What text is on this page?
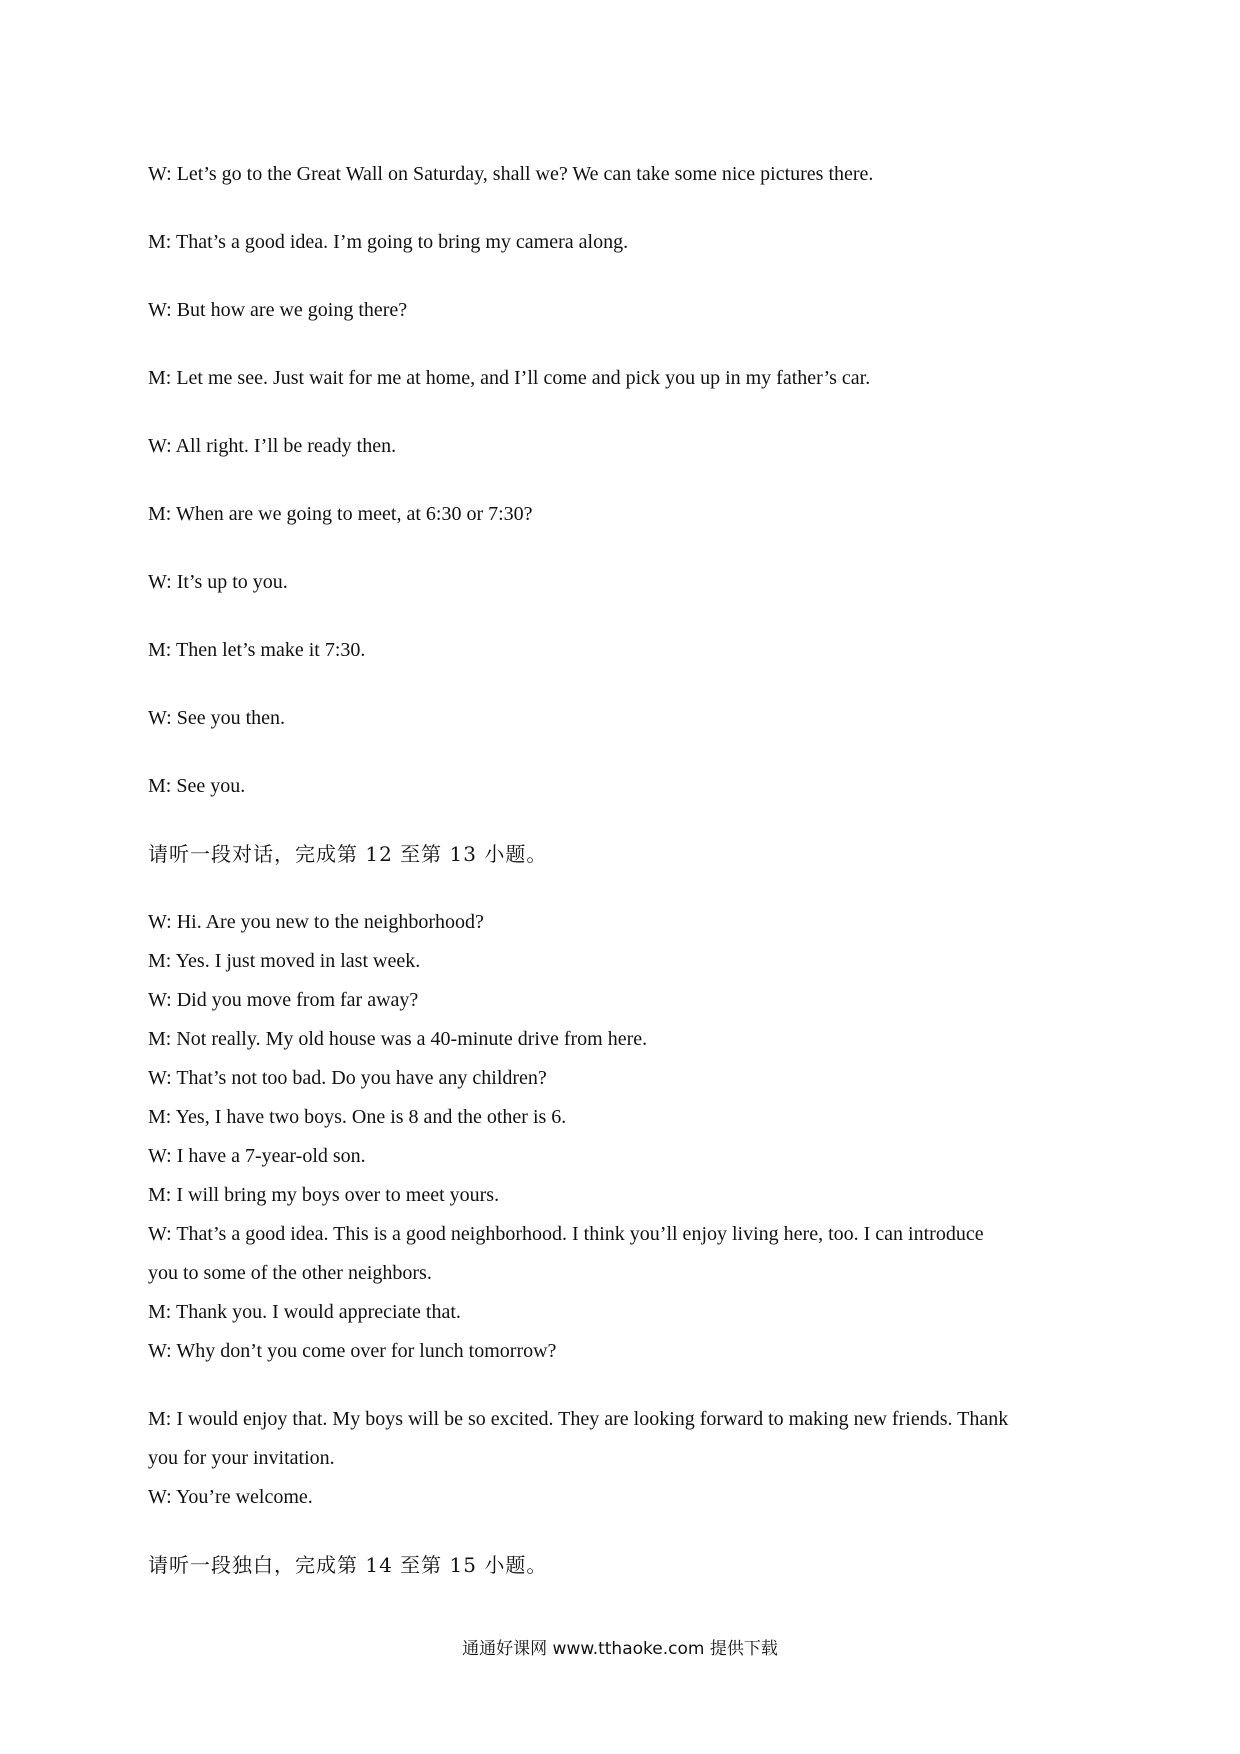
W: Let’s go to the Great Wall on Saturday, shall we? We can take some nice pictures there.
M: That’s a good idea. I’m going to bring my camera along.
W: But how are we going there?
M: Let me see. Just wait for me at home, and I’ll come and pick you up in my father’s car.
W: All right. I’ll be ready then.
M: When are we going to meet, at 6:30 or 7:30?
W: It’s up to you.
M: Then let’s make it 7:30.
W: See you then.
M: See you.
请听一段对话，完成第 12 至第 13 小题。
W: Hi. Are you new to the neighborhood?
M: Yes. I just moved in last week.
W: Did you move from far away?
M: Not really. My old house was a 40-minute drive from here.
W: That’s not too bad. Do you have any children?
M: Yes, I have two boys. One is 8 and the other is 6.
W: I have a 7-year-old son.
M: I will bring my boys over to meet yours.
W: That’s a good idea. This is a good neighborhood. I think you’ll enjoy living here, too. I can introduce
you to some of the other neighbors.
M: Thank you. I would appreciate that.
W: Why don’t you come over for lunch tomorrow?
M: I would enjoy that. My boys will be so excited. They are looking forward to making new friends. Thank
you for your invitation.
W: You’re welcome.
请听一段独白，完成第 14 至第 15 小题。
通通好课网 www.tthaoke.com 提供下载
